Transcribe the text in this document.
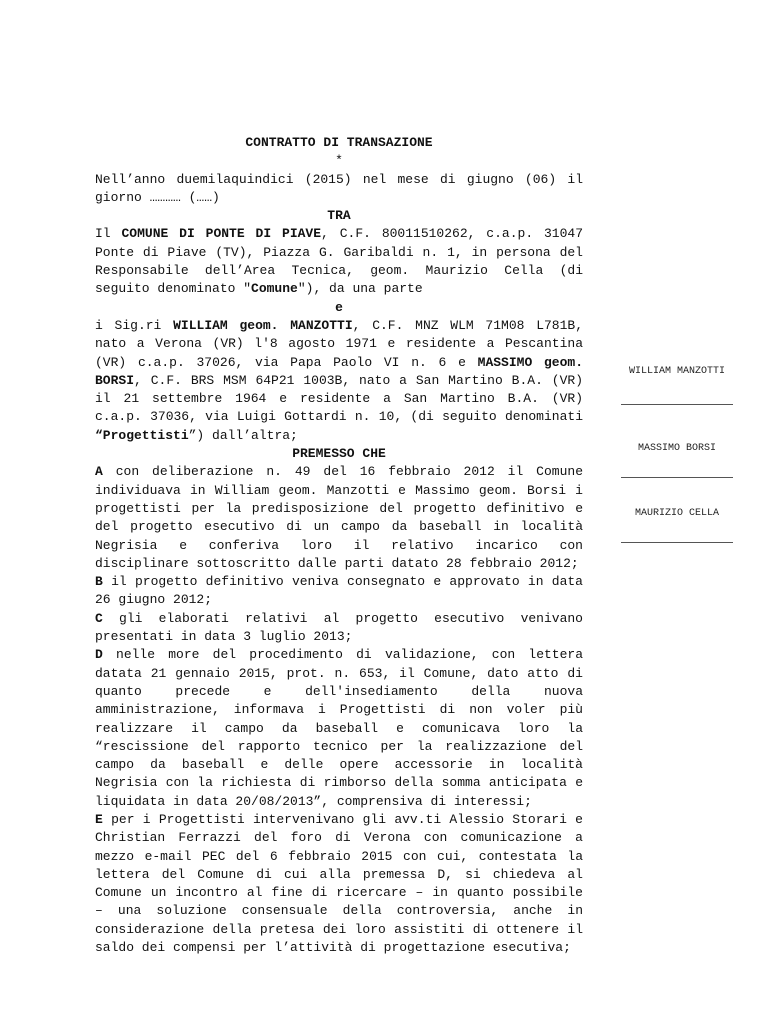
CONTRATTO DI TRANSAZIONE
*

Nell’anno duemilaquindici (2015) nel mese di giugno (06) il giorno ………… (……)

TRA

Il COMUNE DI PONTE DI PIAVE, C.F. 80011510262, c.a.p. 31047 Ponte di Piave (TV), Piazza G. Garibaldi n. 1, in persona del Responsabile dell’Area Tecnica, geom. Maurizio Cella (di seguito denominato "Comune"), da una parte

e

i Sig.ri WILLIAM geom. MANZOTTI, C.F. MNZ WLM 71M08 L781B, nato a Verona (VR) l'8 agosto 1971 e residente a Pescantina (VR) c.a.p. 37026, via Papa Paolo VI n. 6 e MASSIMO geom. BORSI, C.F. BRS MSM 64P21 1003B, nato a San Martino B.A. (VR) il 21 settembre 1964 e residente a San Martino B.A. (VR) c.a.p. 37036, via Luigi Gottardi n. 10, (di seguito denominati “Progettisti”) dall’altra;

PREMESSO CHE

A con deliberazione n. 49 del 16 febbraio 2012 il Comune individuava in William geom. Manzotti e Massimo geom. Borsi i progettisti per la predisposizione del progetto definitivo e del progetto esecutivo di un campo da baseball in località Negrisia e conferiva loro il relativo incarico con disciplinare sottoscritto dalle parti datato 28 febbraio 2012;

B il progetto definitivo veniva consegnato e approvato in data 26 giugno 2012;

C gli elaborati relativi al progetto esecutivo venivano presentati in data 3 luglio 2013;

D nelle more del procedimento di validazione, con lettera datata 21 gennaio 2015, prot. n. 653, il Comune, dato atto di quanto precede e dell'insediamento della nuova amministrazione, informava i Progettisti di non voler più realizzare il campo da baseball e comunicava loro la “rescissione del rapporto tecnico per la realizzazione del campo da baseball e delle opere accessorie in località Negrisia con la richiesta di rimborso della somma anticipata e liquidata in data 20/08/2013”, comprensiva di interessi;

E per i Progettisti intervenivano gli avv.ti Alessio Storari e Christian Ferrazzi del foro di Verona con comunicazione a mezzo e-mail PEC del 6 febbraio 2015 con cui, contestata la lettera del Comune di cui alla premessa D, si chiedeva al Comune un incontro al fine di ricercare – in quanto possibile – una soluzione consensuale della controversia, anche in considerazione della pretesa dei loro assistiti di ottenere il saldo dei compensi per l’attività di progettazione esecutiva;

WILLIAM MANZOTTI
MASSIMO BORSI
MAURIZIO CELLA
